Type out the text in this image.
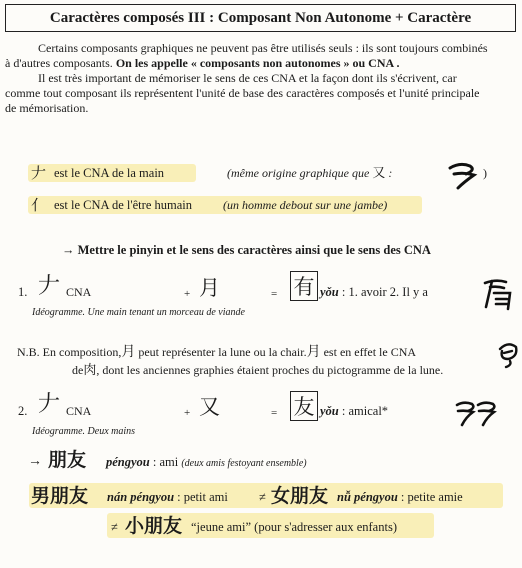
Caractères composés III : Composant Non Autonome + Caractère
Certains composants graphiques ne peuvent pas être utilisés seuls : ils sont toujours combinés
à d'autres composants. On les appelle « composants non autonomes » ou CNA .
Il est très important de mémoriser le sens de ces CNA et la façon dont ils s'écrivent, car
comme tout composant ils représentent l'unité de base des caractères composés et l'unité principale
de mémorisation.
𠂇 est le CNA de la main	(même origine graphique que 又 :	)
亻 est le CNA de l'être humain	(un homme debout sur une jambe)
→ Mettre le pinyin et le sens des caractères ainsi que le sens des CNA
1. 𠂇 CNA	+ 月	= 有 yǒu : 1. avoir 2. Il y a
Idéogramme. Une main tenant un morceau de viande
N.B. En composition,月 peut représenter la lune ou la chair.月 est en effet le CNA
de肉, dont les anciennes graphies étaient proches du pictogramme de la lune.
2. 𠂇 CNA	+ 又	= 友 yǒu : amical*
Idéogramme. Deux mains
→ 朋友 péngyou : ami (deux amis festoyant ensemble)
男朋友 nán péngyou : petit ami ≠ 女朋友 nǚ péngyou : petite amie
≠ 小朋友 “jeune ami” (pour s'adresser aux enfants)
